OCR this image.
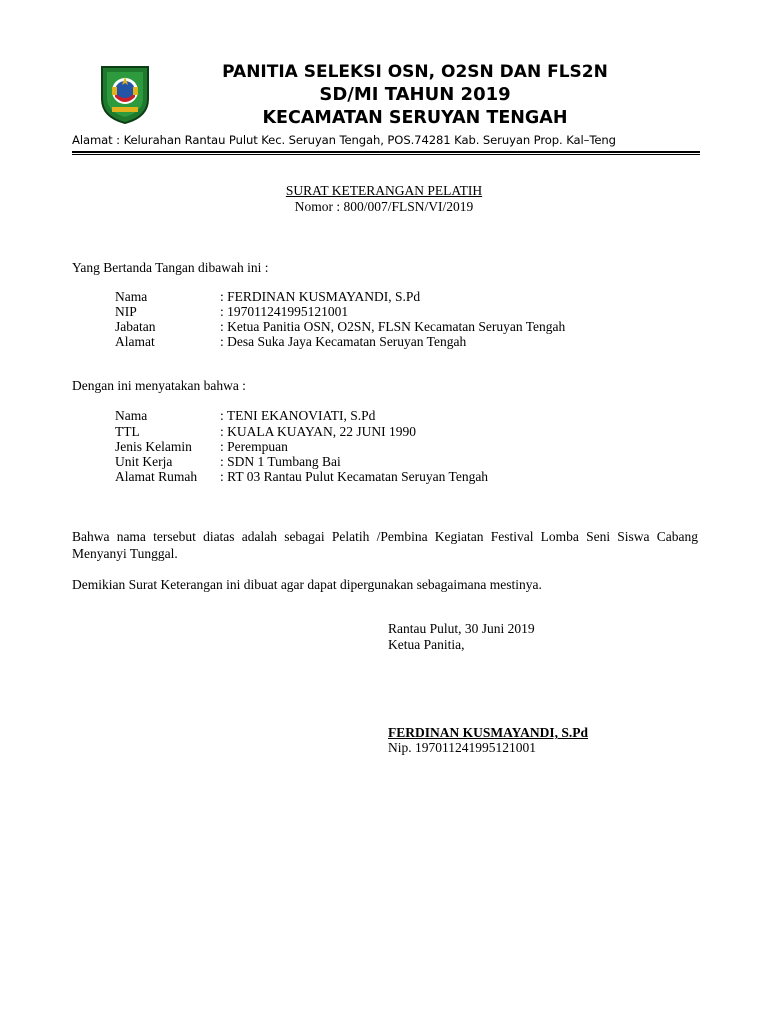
PANITIA SELEKSI OSN, O2SN DAN FLS2N
SD/MI TAHUN 2019
KECAMATAN SERUYAN TENGAH
Alamat : Kelurahan Rantau Pulut Kec. Seruyan Tengah, POS.74281 Kab. Seruyan Prop. Kal–Teng
SURAT KETERANGAN PELATIH
Nomor : 800/007/FLSN/VI/2019
Yang Bertanda Tangan dibawah ini :
Nama	: FERDINAN KUSMAYANDI, S.Pd
NIP	: 197011241995121001
Jabatan	: Ketua Panitia OSN, O2SN, FLSN Kecamatan Seruyan Tengah
Alamat	: Desa Suka Jaya Kecamatan Seruyan Tengah
Dengan ini menyatakan bahwa :
Nama	: TENI EKANOVIATI, S.Pd
TTL	: KUALA KUAYAN, 22 JUNI 1990
Jenis Kelamin : Perempuan
Unit Kerja	: SDN 1 Tumbang Bai
Alamat Rumah : RT 03 Rantau Pulut Kecamatan Seruyan Tengah
Bahwa nama tersebut diatas adalah sebagai Pelatih /Pembina Kegiatan Festival Lomba Seni Siswa Cabang Menyanyi Tunggal.
Demikian Surat Keterangan ini dibuat agar dapat dipergunakan sebagaimana mestinya.
Rantau Pulut, 30 Juni 2019
Ketua Panitia,
FERDINAN KUSMAYANDI, S.Pd
Nip. 197011241995121001
